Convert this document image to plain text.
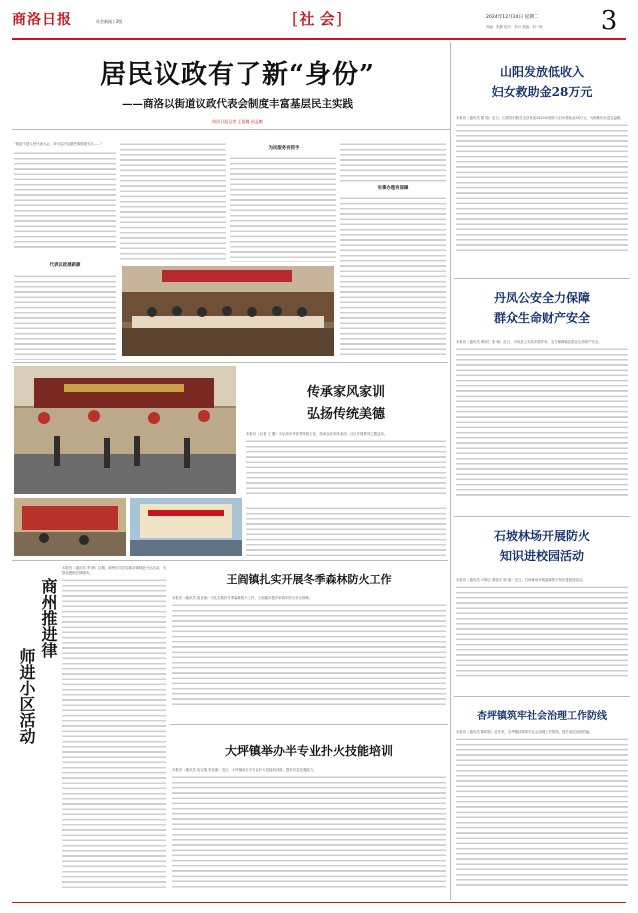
商洛日报	社会新闻 | 2版	[ 社 会 ]	2024年12月24日 星期二
责编：张静 校对：李月 美编：刘一鸣	3
居民议政有了新“身份”
——商洛以街道议政代表会制度丰富基层民主实践
陕西日报记者 王姿璐 屈孟鹏
“街道不是人民代表大会，却可以决定哪些事情要先办……”
代表议政展新颜
为民服务有抓手
实事办理有保障
山阳发放低收入
妇女救助金28万元
本报讯（通讯员 陈 刚）近日，山阳县妇联在全县发放2024年低收入妇女救助金28万元，为困难妇女送去温暖。
丹凤公安全力保障
群众生命财产安全
本报讯（通讯员 黄柯仁 张 犊）近日，丹凤县公安局多措并举，全力保障辖区群众生命财产安全。
石坡林场开展防火
知识进校园活动
本报讯（通讯员 卢婧言 谭恒平 谢 瑞）近日，石坡林场开展森林防火知识进校园活动。
杏坪镇筑牢社会治理工作防线
本报讯（通讯员 陈昭宽）近年来，杏坪镇持续筑牢社会治理工作防线，提升基层治理效能。
传承家风家训
弘扬传统美德
本报讯（记者 王 蕙）为弘扬中华优秀传统文化，传承良好家风家训，社区开展系列主题活动。
商州推进律
师进小区活动
本报讯（通讯员 李 静）近期，商州区司法局推动律师进小区活动，为群众提供法律服务。	王阎镇扎实开展冬季森林防火工作
本报讯（通讯员 梁亚蓉）为扎实做好冬季森林防火工作，王阎镇多措并举筑牢防火安全屏障。
大坪镇举办半专业扑火技能培训
本报讯（通讯员 吴宝翔 李亚丽）近日，大坪镇举办半专业扑火技能培训班，提升应急处置能力。
